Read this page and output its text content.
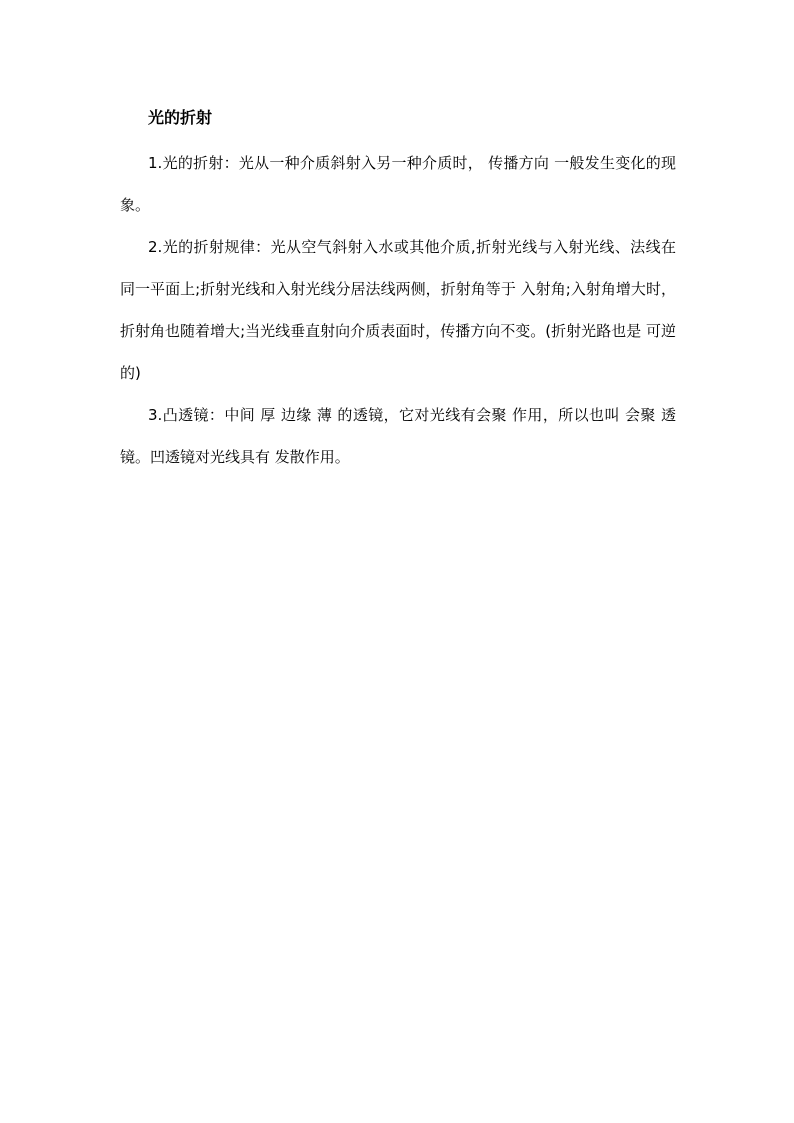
光的折射

1.光的折射：光从一种介质斜射入另一种介质时， 传播方向 一般发生变化的现象。

2.光的折射规律：光从空气斜射入水或其他介质,折射光线与入射光线、法线在同一平面上;折射光线和入射光线分居法线两侧，折射角等于 入射角;入射角增大时，折射角也随着增大;当光线垂直射向介质表面时，传播方向不变。(折射光路也是 可逆 的)

3.凸透镜：中间 厚 边缘 薄 的透镜，它对光线有会聚 作用，所以也叫 会聚 透镜。凹透镜对光线具有 发散作用。
